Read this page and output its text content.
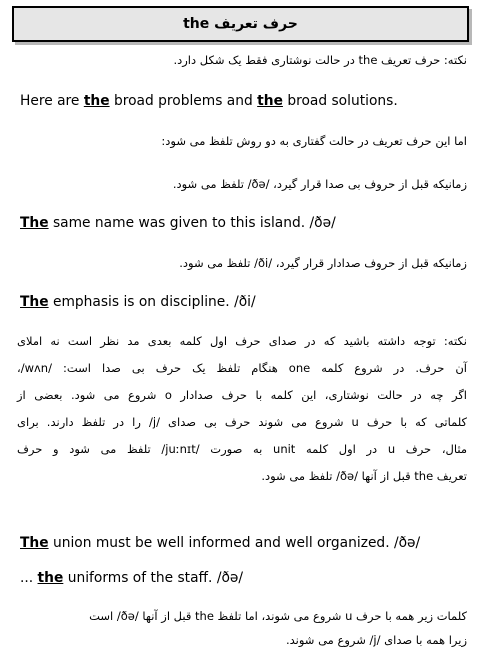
حرف تعریف the
نکته: حرف تعریف the در حالت نوشتاری فقط یک شکل دارد.
Here are the broad problems and the broad solutions.
اما این حرف تعریف در حالت گفتاری به دو روش تلفظ می شود:
زمانیکه قبل از حروف بی صدا قرار گیرد، /ðə/ تلفظ می شود.
The same name was given to this island. /ðə/
زمانیکه قبل از حروف صدادار قرار گیرد، /ði/ تلفظ می شود.
The emphasis is on discipline. /ði/
نکته: توجه داشته باشید که در صدای حرف اول کلمه بعدی مد نظر است نه املای
آن حرف. در شروع کلمه one هنگام تلفظ یک حرف بی صدا است: /wʌn/،
اگر چه در حالت نوشتاری، این کلمه با حرف صدادار o شروع می شود. بعضی از
کلماتی که با حرف u شروع می شوند حرف بی صدای /j/ را در تلفظ دارند. برای
مثال، حرف u در اول کلمه unit به صورت /juːnɪt/ تلفظ می شود و حرف
تعریف the قبل از آنها /ðə/ تلفظ می شود.
The union must be well informed and well organized. /ðə/
... the uniforms of the staff. /ðə/
کلمات زیر همه با حرف u شروع می شوند، اما تلفظ the قبل از آنها /ðə/ است
زیرا همه با صدای /j/ شروع می شوند.
